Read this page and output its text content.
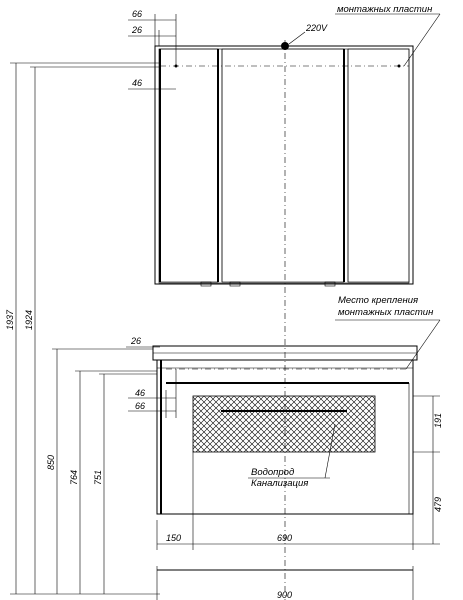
66
26
46
220V
26
46
66
1937 1924
850
764 751
191
479
150	690
900
монтажных пластин
Место крепления
монтажных пластин
Водопрод
Канализация
